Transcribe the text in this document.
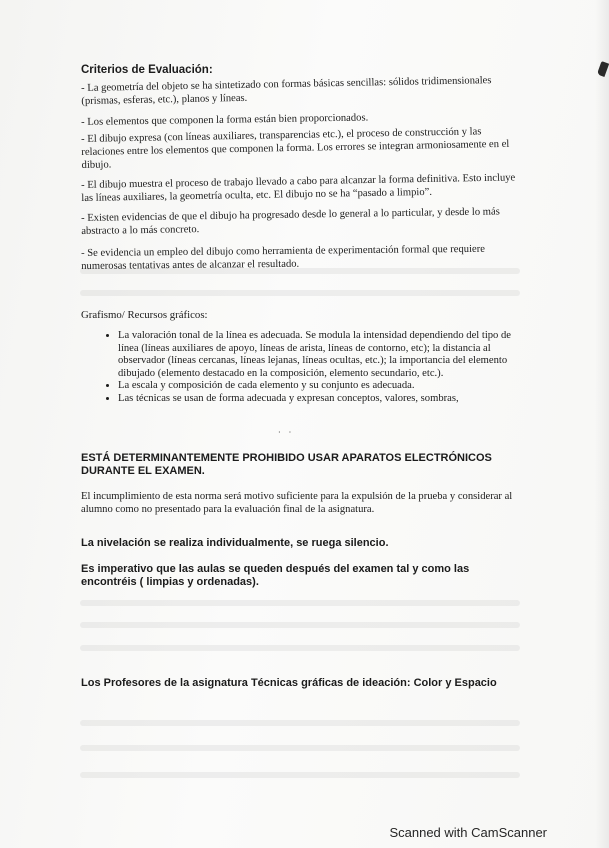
Criterios de Evaluación:

- La geometría del objeto se ha sintetizado con formas básicas sencillas: sólidos tridimensionales (prismas, esferas, etc.), planos y líneas.

- Los elementos que componen la forma están bien proporcionados.

- El dibujo expresa (con líneas auxiliares, transparencias etc.), el proceso de construcción y las relaciones entre los elementos que componen la forma. Los errores se integran armoniosamente en el dibujo.

- El dibujo muestra el proceso de trabajo llevado a cabo para alcanzar la forma definitiva. Esto incluye las líneas auxiliares, la geometría oculta, etc. El dibujo no se ha “pasado a limpio”.

- Existen evidencias de que el dibujo ha progresado desde lo general a lo particular, y desde lo más abstracto a lo más concreto.

- Se evidencia un empleo del dibujo como herramienta de experimentación formal que requiere numerosas tentativas antes de alcanzar el resultado.

Grafismo/ Recursos gráficos:
• La valoración tonal de la línea es adecuada. Se modula la intensidad dependiendo del tipo de línea (líneas auxiliares de apoyo, líneas de arista, líneas de contorno, etc); la distancia al observador (líneas cercanas, líneas lejanas, líneas ocultas, etc.); la importancia del elemento dibujado (elemento destacado en la composición, elemento secundario, etc.).
• La escala y composición de cada elemento y su conjunto es adecuada.
• Las técnicas se usan de forma adecuada y expresan conceptos, valores, sombras,
· ·

ESTÁ DETERMINANTEMENTE PROHIBIDO USAR APARATOS ELECTRÓNICOS DURANTE EL EXAMEN.

El incumplimiento de esta norma será motivo suficiente para la expulsión de la prueba y considerar al alumno como no presentado para la evaluación final de la asignatura.

La nivelación se realiza individualmente, se ruega silencio.

Es imperativo que las aulas se queden después del examen tal y como las encontréis ( limpias y ordenadas).

Los Profesores de la asignatura Técnicas gráficas de ideación: Color y Espacio

Scanned with CamScanner
